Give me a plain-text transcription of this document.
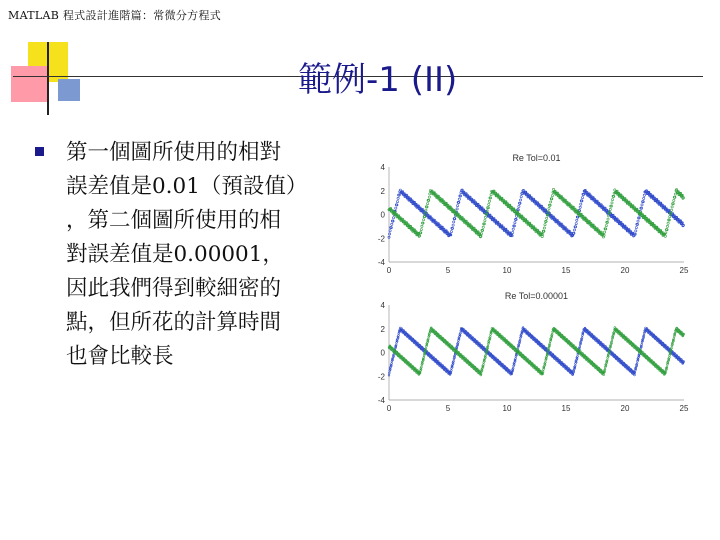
MATLAB 程式設計進階篇：常微分方程式
範例-1 (II)
第一個圖所使用的相對
誤差值是0.01（預設值）
，第二個圖所使用的相
對誤差值是0.00001，
因此我們得到較細密的
點，但所花的計算時間
也會比較長
Re Tol=0.01
0	5	10	15	20	25
4
2
0
-2
-4
Re Tol=0.00001
0	5	10	15	20	25
4
2
0
-2
-4
